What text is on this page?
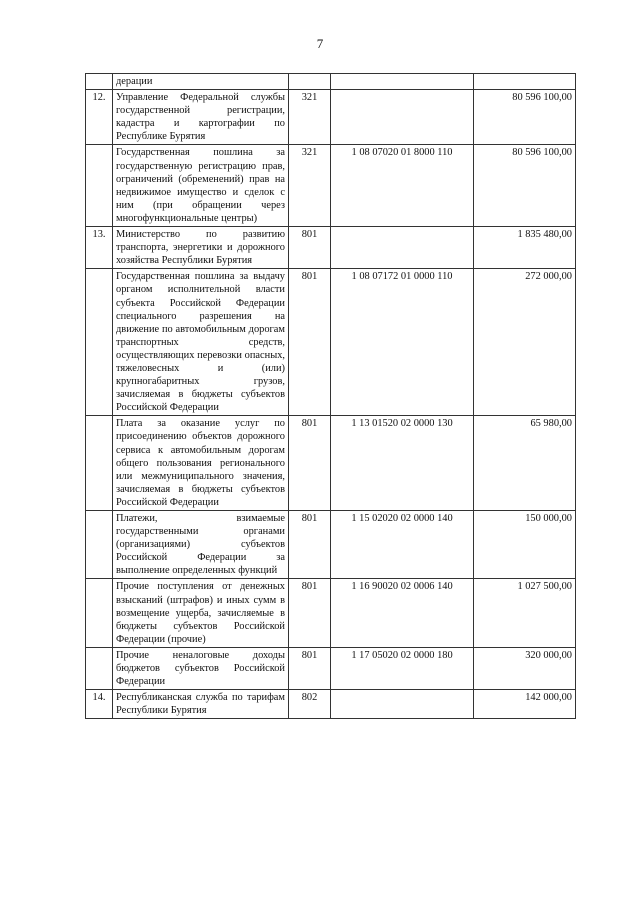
7
	дерации			
12.	Управление Федеральной службы государственной регистрации, кадастра и картографии по Республике Бурятия	321		80 596 100,00
	Государственная пошлина за государственную регистрацию прав, ограничений (обременений) прав на недвижимое имущество и сделок с ним (при обращении через многофункциональные центры)	321	1 08 07020 01 8000 110	80 596 100,00
13.	Министерство по развитию транспорта, энергетики и дорожного хозяйства Республики Бурятия	801		1 835 480,00
	Государственная пошлина за выдачу органом исполнительной власти субъекта Российской Федерации специального разрешения на движение по автомобильным дорогам транспортных средств, осуществляющих перевозки опасных, тяжеловесных и (или) крупногабаритных грузов, зачисляемая в бюджеты субъектов Российской Федерации	801	1 08 07172 01 0000 110	272 000,00
	Плата за оказание услуг по присоединению объектов дорожного сервиса к автомобильным дорогам общего пользования регионального или межмуниципального значения, зачисляемая в бюджеты субъектов Российской Федерации	801	1 13 01520 02 0000 130	65 980,00
	Платежи, взимаемые государственными органами (организациями) субъектов Российской Федерации за выполнение определенных функций	801	1 15 02020 02 0000 140	150 000,00
	Прочие поступления от денежных взысканий (штрафов) и иных сумм в возмещение ущерба, зачисляемые в бюджеты субъектов Российской Федерации (прочие)	801	1 16 90020 02 0006 140	1 027 500,00
	Прочие неналоговые доходы бюджетов субъектов Российской Федерации	801	1 17 05020 02 0000 180	320 000,00
14.	Республиканская служба по тарифам Республики Бурятия	802		142 000,00
